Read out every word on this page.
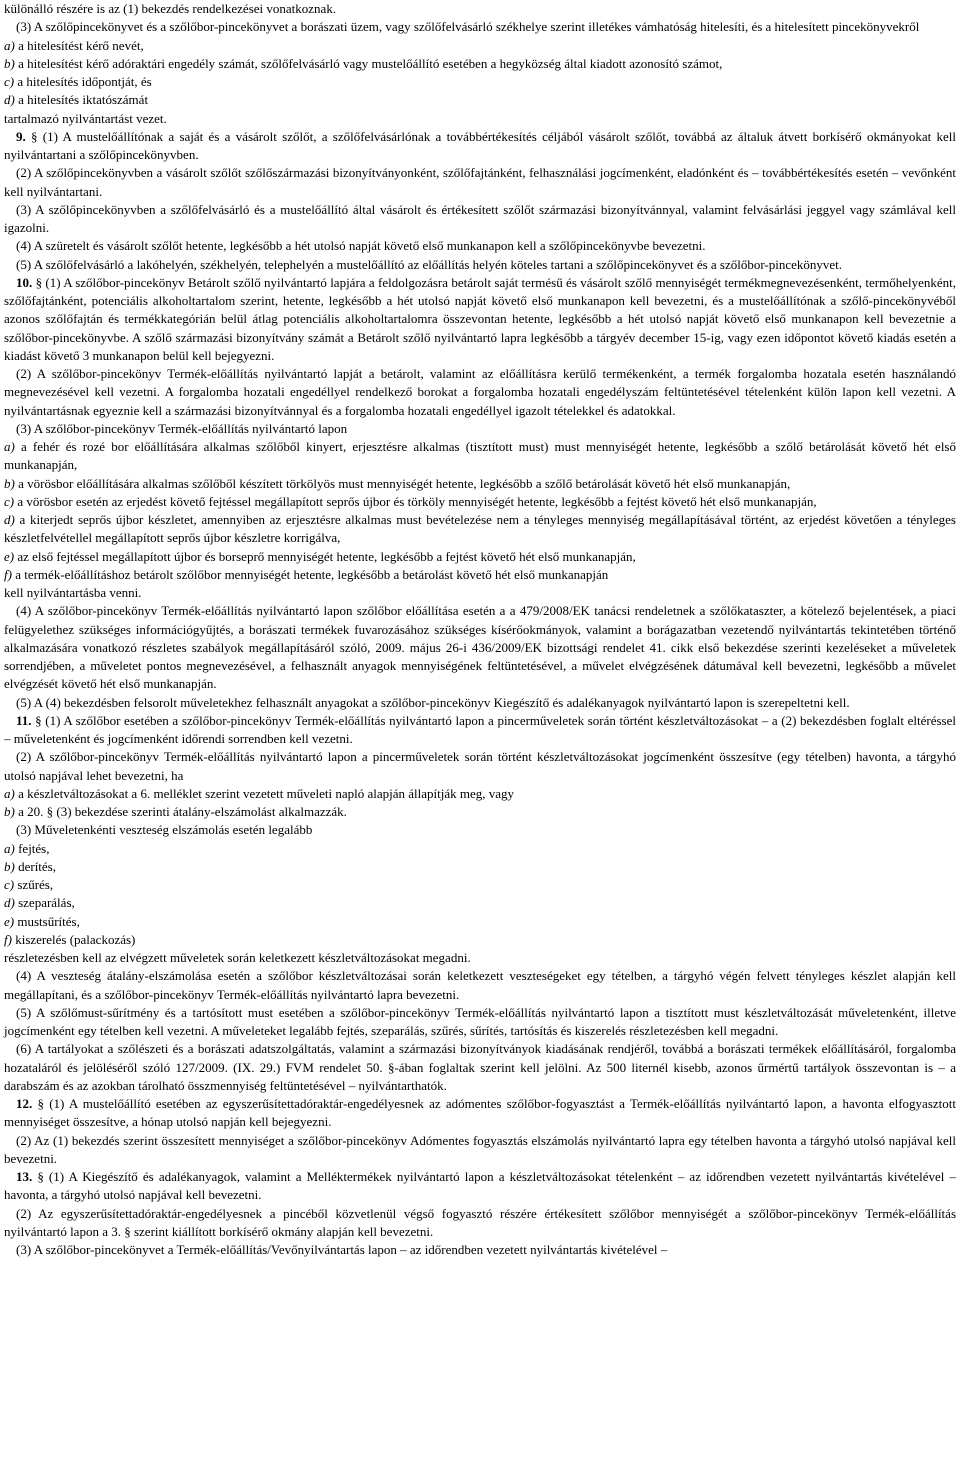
különálló részére is az (1) bekezdés rendelkezései vonatkoznak.

(3) A szőlőpincekönyvet és a szőlőbor-pincekönyvet a borászati üzem, vagy szőlőfelvásárló székhelye szerint illetékes vámhatóság hitelesíti, és a hitelesített pincekönyvekről

a) a hitelesítést kérő nevét,

b) a hitelesítést kérő adóraktári engedély számát, szőlőfelvásárló vagy mustelőállító esetében a hegyközség által kiadott azonosító számot,

c) a hitelesítés időpontját, és

d) a hitelesítés iktatószámát

tartalmazó nyilvántartást vezet.

9. § (1) A mustelőállítónak a saját és a vásárolt szőlőt, a szőlőfelvásárlónak a továbbértékesítés céljából vásárolt szőlőt, továbbá az általuk átvett borkísérő okmányokat kell nyilvántartani a szőlőpincekönyvben.

(2) A szőlőpincekönyvben a vásárolt szőlőt szőlőszármazási bizonyítványonként, szőlőfajtánként, felhasználási jogcímenként, eladónként és – továbbértékesítés esetén – vevőnként kell nyilvántartani.

(3) A szőlőpincekönyvben a szőlőfelvásárló és a mustelőállító által vásárolt és értékesített szőlőt származási bizonyítvánnyal, valamint felvásárlási jeggyel vagy számlával kell igazolni.

(4) A szüretelt és vásárolt szőlőt hetente, legkésőbb a hét utolsó napját követő első munkanapon kell a szőlőpincekönyvbe bevezetni.

(5) A szőlőfelvásárló a lakóhelyén, székhelyén, telephelyén a mustelőállító az előállítás helyén köteles tartani a szőlőpincekönyvet és a szőlőbor-pincekönyvet.

10. § (1) A szőlőbor-pincekönyv Betárolt szőlő nyilvántartó lapjára a feldolgozásra betárolt saját termésű és vásárolt szőlő mennyiségét termékmegnevezésenként, termőhelyenként, szőlőfajtánként, potenciális alkoholtartalom szerint, hetente, legkésőbb a hét utolsó napját követő első munkanapon kell bevezetni, és a mustelőállítónak a szőlő-pincekönyvéből azonos szőlőfajtán és termékkategórián belül átlag potenciális alkoholtartalomra összevontan hetente, legkésőbb a hét utolsó napját követő első munkanapon kell bevezetnie a szőlőbor-pincekönyvbe. A szőlő származási bizonyítvány számát a Betárolt szőlő nyilvántartó lapra legkésőbb a tárgyév december 15-ig, vagy ezen időpontot követő kiadás esetén a kiadást követő 3 munkanapon belül kell bejegyezni.

(2) A szőlőbor-pincekönyv Termék-előállítás nyilvántartó lapját a betárolt, valamint az előállításra kerülő termékenként, a termék forgalomba hozatala esetén használandó megnevezésével kell vezetni. A forgalomba hozatali engedéllyel rendelkező borokat a forgalomba hozatali engedélyszám feltüntetésével tételenként külön lapon kell vezetni. A nyilvántartásnak egyeznie kell a származási bizonyítvánnyal és a forgalomba hozatali engedéllyel igazolt tételekkel és adatokkal.

(3) A szőlőbor-pincekönyv Termék-előállítás nyilvántartó lapon

a) a fehér és rozé bor előállítására alkalmas szőlőből kinyert, erjesztésre alkalmas (tisztított must) must mennyiségét hetente, legkésőbb a szőlő betárolását követő hét első munkanapján,

b) a vörösbor előállítására alkalmas szőlőből készített törkölyös must mennyiségét hetente, legkésőbb a szőlő betárolását követő hét első munkanapján,

c) a vörösbor esetén az erjedést követő fejtéssel megállapított seprős újbor és törköly mennyiségét hetente, legkésőbb a fejtést követő hét első munkanapján,

d) a kiterjedt seprős újbor készletet, amennyiben az erjesztésre alkalmas must bevételezése nem a tényleges mennyiség megállapításával történt, az erjedést követően a tényleges készletfelvétellel megállapított seprős újbor készletre korrigálva,

e) az első fejtéssel megállapított újbor és borseprő mennyiségét hetente, legkésőbb a fejtést követő hét első munkanapján,

f) a termék-előállításhoz betárolt szőlőbor mennyiségét hetente, legkésőbb a betárolást követő hét első munkanapján

kell nyilvántartásba venni.

(4) A szőlőbor-pincekönyv Termék-előállítás nyilvántartó lapon szőlőbor előállítása esetén a a 479/2008/EK tanácsi rendeletnek a szőlőkataszter, a kötelező bejelentések, a piaci felügyelethez szükséges információgyűjtés, a borászati termékek fuvarozásához szükséges kísérőokmányok, valamint a borágazatban vezetendő nyilvántartás tekintetében történő alkalmazására vonatkozó részletes szabályok megállapításáról szóló, 2009. május 26-i 436/2009/EK bizottsági rendelet 41. cikk első bekezdése szerinti kezeléseket a műveletek sorrendjében, a műveletet pontos megnevezésével, a felhasznált anyagok mennyiségének feltüntetésével, a művelet elvégzésének dátumával kell bevezetni, legkésőbb a művelet elvégzését követő hét első munkanapján.

(5) A (4) bekezdésben felsorolt műveletekhez felhasznált anyagokat a szőlőbor-pincekönyv Kiegészítő és adalékanyagok nyilvántartó lapon is szerepeltetni kell.

11. § (1) A szőlőbor esetében a szőlőbor-pincekönyv Termék-előállítás nyilvántartó lapon a pincerműveletek során történt készletváltozásokat – a (2) bekezdésben foglalt eltéréssel – műveletenként és jogcímenként időrendi sorrendben kell vezetni.

(2) A szőlőbor-pincekönyv Termék-előállítás nyilvántartó lapon a pincerműveletek során történt készletváltozásokat jogcímenként összesítve (egy tételben) havonta, a tárgyhó utolsó napjával lehet bevezetni, ha

a) a készletváltozásokat a 6. melléklet szerint vezetett műveleti napló alapján állapítják meg, vagy

b) a 20. § (3) bekezdése szerinti átalány-elszámolást alkalmazzák.

(3) Műveletenkénti veszteség elszámolás esetén legalább

a) fejtés,

b) derítés,

c) szűrés,

d) szeparálás,

e) mustsűrítés,

f) kiszerelés (palackozás)

részletezésben kell az elvégzett műveletek során keletkezett készletváltozásokat megadni.

(4) A veszteség átalány-elszámolása esetén a szőlőbor készletváltozásai során keletkezett veszteségeket egy tételben, a tárgyhó végén felvett tényleges készlet alapján kell megállapítani, és a szőlőbor-pincekönyv Termék-előállítás nyilvántartó lapra bevezetni.

(5) A szőlőmust-sűrítmény és a tartósított must esetében a szőlőbor-pincekönyv Termék-előállítás nyilvántartó lapon a tisztított must készletváltozását műveletenként, illetve jogcímenként egy tételben kell vezetni. A műveleteket legalább fejtés, szeparálás, szűrés, sűrítés, tartósítás és kiszerelés részletezésben kell megadni.

(6) A tartályokat a szőlészeti és a borászati adatszolgáltatás, valamint a származási bizonyítványok kiadásának rendjéről, továbbá a borászati termékek előállításáról, forgalomba hozataláról és jelöléséről szóló 127/2009. (IX. 29.) FVM rendelet 50. §-ában foglaltak szerint kell jelölni. Az 500 liternél kisebb, azonos űrmértű tartályok összevontan is – a darabszám és az azokban tárolható összmennyiség feltüntetésével – nyilvántarthatók.

12. § (1) A mustelőállító esetében az egyszerűsítettadóraktár-engedélyesnek az adómentes szőlőbor-fogyasztást a Termék-előállítás nyilvántartó lapon, a havonta elfogyasztott mennyiséget összesítve, a hónap utolsó napján kell bejegyezni.

(2) Az (1) bekezdés szerint összesített mennyiséget a szőlőbor-pincekönyv Adómentes fogyasztás elszámolás nyilvántartó lapra egy tételben havonta a tárgyhó utolsó napjával kell bevezetni.

13. § (1) A Kiegészítő és adalékanyagok, valamint a Melléktermékek nyilvántartó lapon a készletváltozásokat tételenként – az időrendben vezetett nyilvántartás kivételével – havonta, a tárgyhó utolsó napjával kell bevezetni.

(2) Az egyszerűsítettadóraktár-engedélyesnek a pincéből közvetlenül végső fogyasztó részére értékesített szőlőbor mennyiségét a szőlőbor-pincekönyv Termék-előállítás nyilvántartó lapon a 3. § szerint kiállított borkísérő okmány alapján kell bevezetni.

(3) A szőlőbor-pincekönyvet a Termék-előállítás/Vevőnyilvántartás lapon – az időrendben vezetett nyilvántartás kivételével –
